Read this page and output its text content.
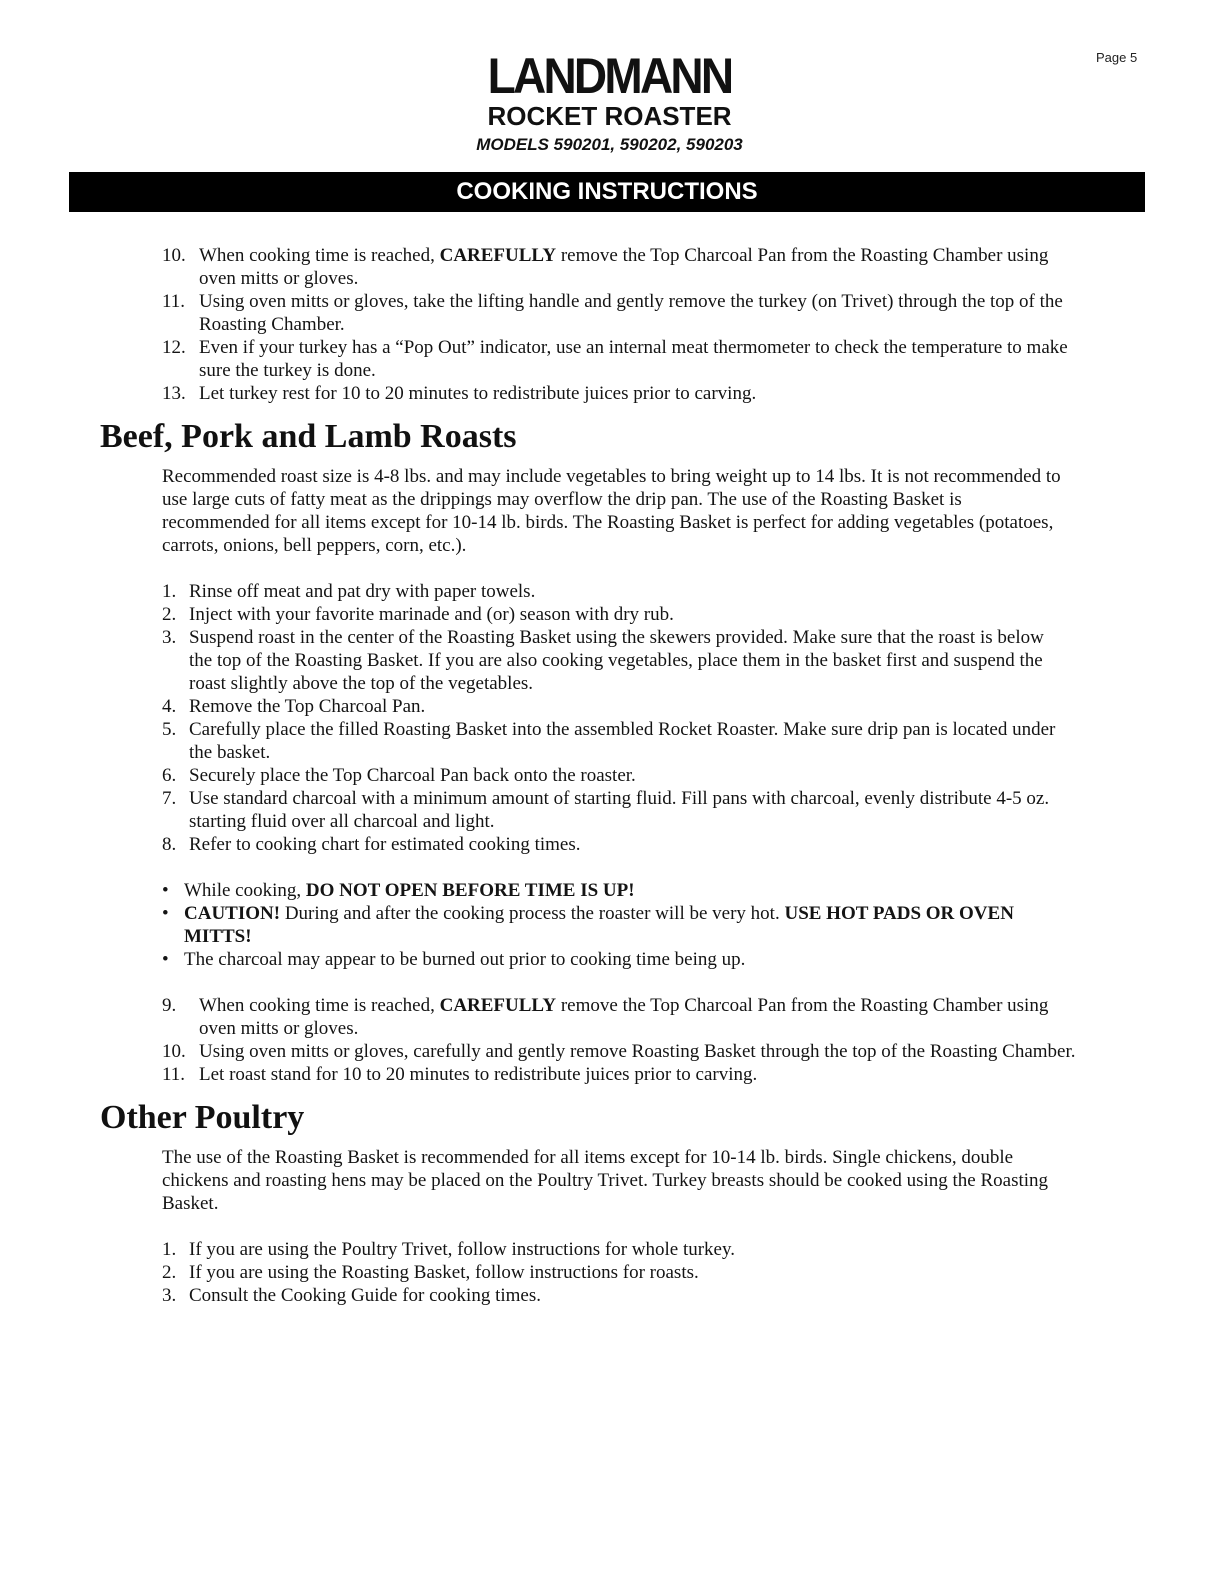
Page 5
LANDMANN
ROCKET ROASTER
MODELS 590201, 590202, 590203
COOKING INSTRUCTIONS
10. When cooking time is reached, CAREFULLY remove the Top Charcoal Pan from the Roasting Chamber using oven mitts or gloves.
11. Using oven mitts or gloves, take the lifting handle and gently remove the turkey (on Trivet) through the top of the Roasting Chamber.
12. Even if your turkey has a “Pop Out” indicator, use an internal meat thermometer to check the temperature to make sure the turkey is done.
13. Let turkey rest for 10 to 20 minutes to redistribute juices prior to carving.
Beef, Pork and Lamb Roasts

Recommended roast size is 4-8 lbs. and may include vegetables to bring weight up to 14 lbs. It is not recommended to use large cuts of fatty meat as the drippings may overflow the drip pan. The use of the Roasting Basket is recommended for all items except for 10-14 lb. birds. The Roasting Basket is perfect for adding vegetables (potatoes, carrots, onions, bell peppers, corn, etc.).

1. Rinse off meat and pat dry with paper towels.
2. Inject with your favorite marinade and (or) season with dry rub.
3. Suspend roast in the center of the Roasting Basket using the skewers provided. Make sure that the roast is below the top of the Roasting Basket. If you are also cooking vegetables, place them in the basket first and suspend the roast slightly above the top of the vegetables.
4. Remove the Top Charcoal Pan.
5. Carefully place the filled Roasting Basket into the assembled Rocket Roaster. Make sure drip pan is located under the basket.
6. Securely place the Top Charcoal Pan back onto the roaster.
7. Use standard charcoal with a minimum amount of starting fluid. Fill pans with charcoal, evenly distribute 4-5 oz. starting fluid over all charcoal and light.
8. Refer to cooking chart for estimated cooking times.
• While cooking, DO NOT OPEN BEFORE TIME IS UP!
• CAUTION! During and after the cooking process the roaster will be very hot. USE HOT PADS OR OVEN MITTS!
• The charcoal may appear to be burned out prior to cooking time being up.
9. When cooking time is reached, CAREFULLY remove the Top Charcoal Pan from the Roasting Chamber using oven mitts or gloves.
10. Using oven mitts or gloves, carefully and gently remove Roasting Basket through the top of the Roasting Chamber.
11. Let roast stand for 10 to 20 minutes to redistribute juices prior to carving.
Other Poultry

The use of the Roasting Basket is recommended for all items except for 10-14 lb. birds. Single chickens, double chickens and roasting hens may be placed on the Poultry Trivet. Turkey breasts should be cooked using the Roasting Basket.

1. If you are using the Poultry Trivet, follow instructions for whole turkey.
2. If you are using the Roasting Basket, follow instructions for roasts.
3. Consult the Cooking Guide for cooking times.
